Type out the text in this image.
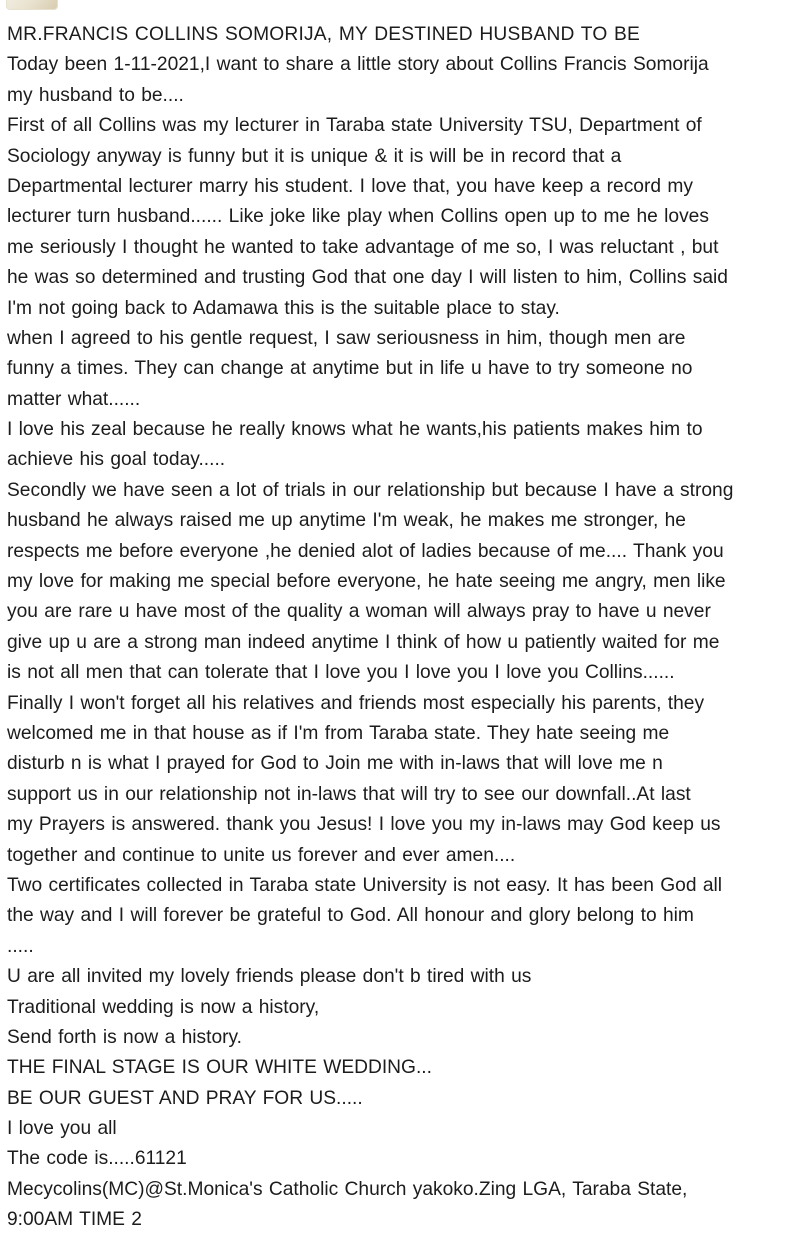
MR.FRANCIS COLLINS SOMORIJA, MY DESTINED HUSBAND TO BE
Today been 1-11-2021,I want to share a little story about Collins Francis Somorija
my husband to be....
First of all Collins was my lecturer in Taraba state University TSU, Department of
Sociology anyway is funny but it is unique & it is will be in record that a
Departmental lecturer marry his student. I love that, you have keep a record my
lecturer turn husband...... Like joke like play when Collins open up to me he loves
me seriously I thought he wanted to take advantage of me so, I was reluctant , but
he was so determined and trusting God that one day I will listen to him, Collins said
I'm not going back to Adamawa this is the suitable place to stay.
when I agreed to his gentle request, I saw seriousness in him, though men are
funny a times. They can change at anytime but in life u have to try someone no
matter what......
I love his zeal because he really knows what he wants,his patients makes him to
achieve his goal today.....
Secondly we have seen a lot of trials in our relationship but because I have a strong
husband he always raised me up anytime I'm weak, he makes me stronger, he
respects me before everyone ,he denied alot of ladies because of me.... Thank you
my love for making me special before everyone, he hate seeing me angry, men like
you are rare u have most of the quality a woman will always pray to have u never
give up u are a strong man indeed anytime I think of how u patiently waited for me
is not all men that can tolerate that I love you I love you I love you Collins......
Finally I won't forget all his relatives and friends most especially his parents, they
welcomed me in that house as if I'm from Taraba state. They hate seeing me
disturb n is what I prayed for God to Join me with in-laws that will love me n
support us in our relationship not in-laws that will try to see our downfall..At last
my Prayers is answered. thank you Jesus! I love you my in-laws may God keep us
together and continue to unite us forever and ever amen....
Two certificates collected in Taraba state University is not easy. It has been God all
the way and I will forever be grateful to God. All honour and glory belong to him
.....
U are all invited my lovely friends please don't b tired with us
Traditional wedding is now a history,
Send forth is now a history.
THE FINAL STAGE IS OUR WHITE WEDDING...
BE OUR GUEST AND PRAY FOR US.....
I love you all
The code is.....61121
Mecycolins(MC)@St.Monica's Catholic Church yakoko.Zing LGA, Taraba State,
9:00AM TIME 2
